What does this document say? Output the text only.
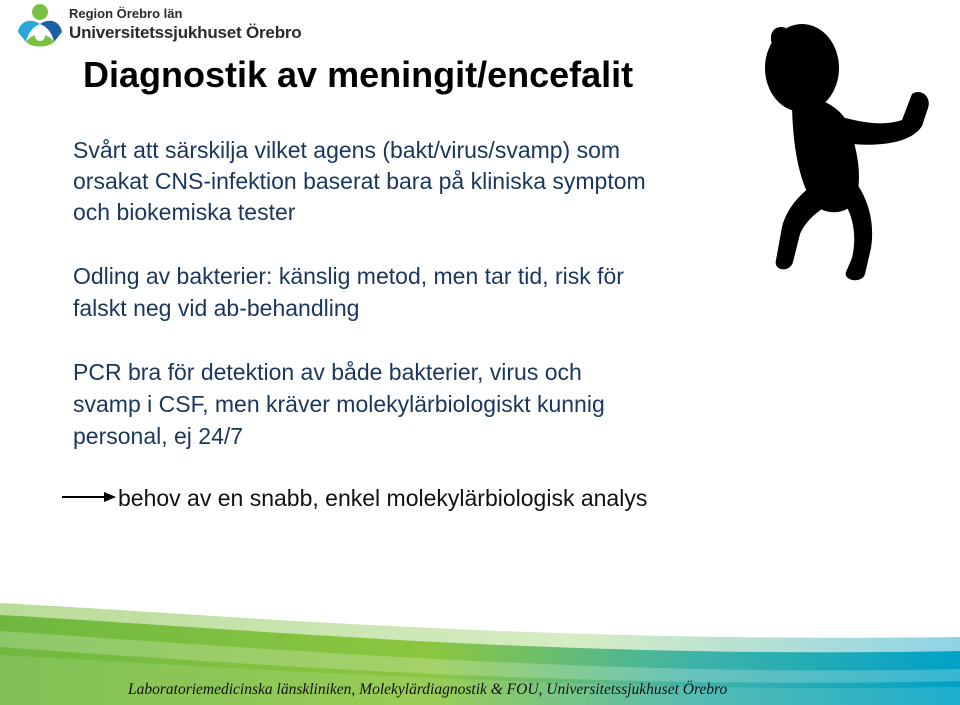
Region Örebro län
Universitetssjukhuset Örebro
Diagnostik av meningit/encefalit
Svårt att särskilja vilket agens (bakt/virus/svamp) som
orsakat CNS-infektion baserat bara på kliniska symptom
och biokemiska tester
Odling av bakterier: känslig metod, men tar tid, risk för
falskt neg vid ab-behandling
PCR bra för detektion av både bakterier, virus och
svamp i CSF, men kräver molekylärbiologiskt kunnig
personal, ej 24/7
behov av en snabb, enkel molekylärbiologisk analys
Laboratoriemedicinska länskliniken, Molekylärdiagnostik & FOU, Universitetssjukhuset Örebro
